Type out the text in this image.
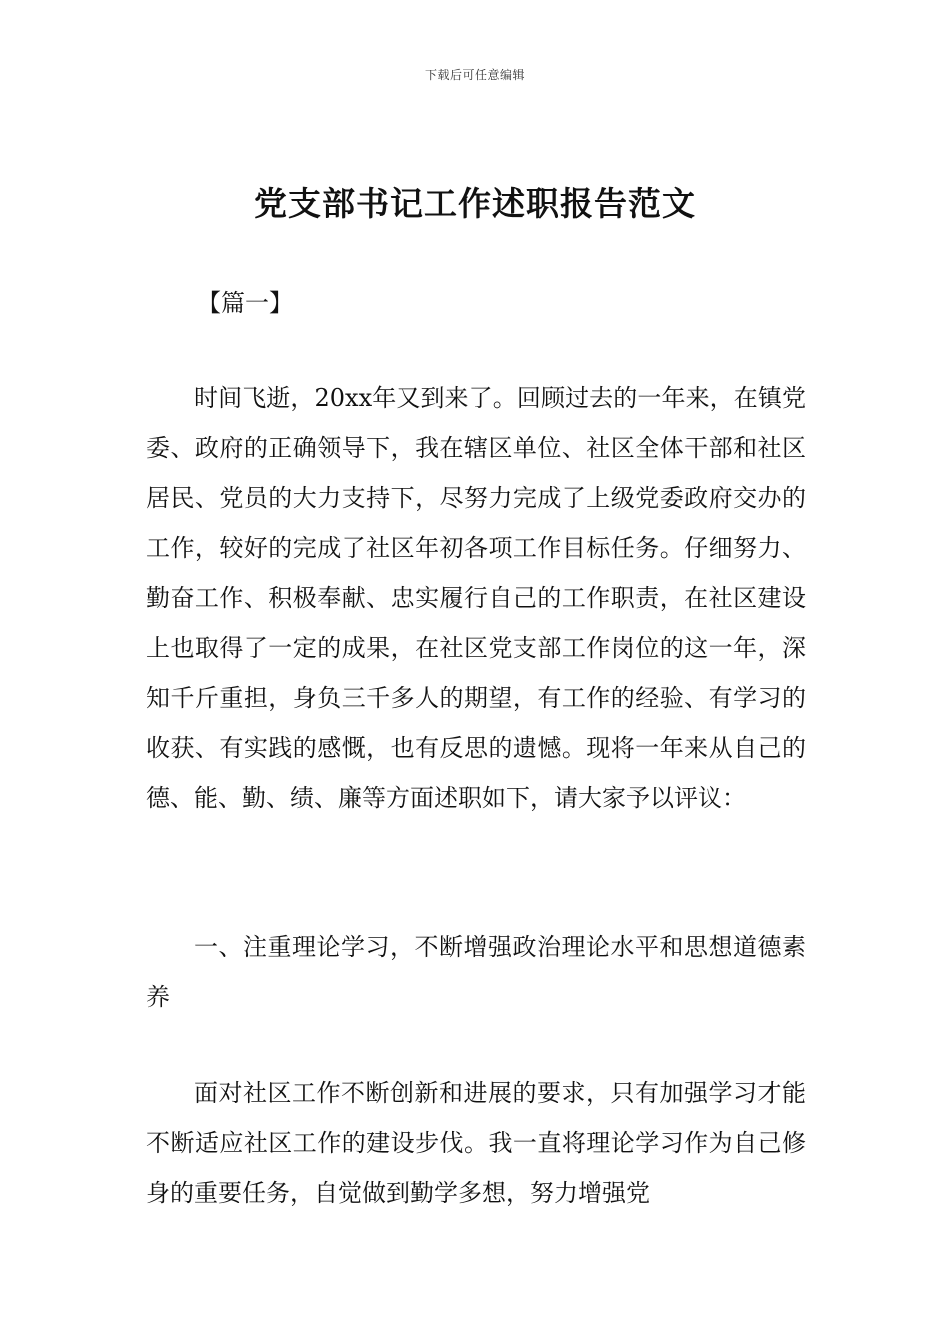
下载后可任意编辑
党支部书记工作述职报告范文

【篇一】

时间飞逝，20xx年又到来了。回顾过去的一年来，在镇党委、政府的正确领导下，我在辖区单位、社区全体干部和社区居民、党员的大力支持下，尽努力完成了上级党委政府交办的工作，较好的完成了社区年初各项工作目标任务。仔细努力、勤奋工作、积极奉献、忠实履行自己的工作职责，在社区建设上也取得了一定的成果，在社区党支部工作岗位的这一年，深知千斤重担，身负三千多人的期望，有工作的经验、有学习的收获、有实践的感慨，也有反思的遗憾。现将一年来从自己的德、能、勤、绩、廉等方面述职如下，请大家予以评议：

一、注重理论学习，不断增强政治理论水平和思想道德素养

面对社区工作不断创新和进展的要求，只有加强学习才能不断适应社区工作的建设步伐。我一直将理论学习作为自己修身的重要任务，自觉做到勤学多想，努力增强党
